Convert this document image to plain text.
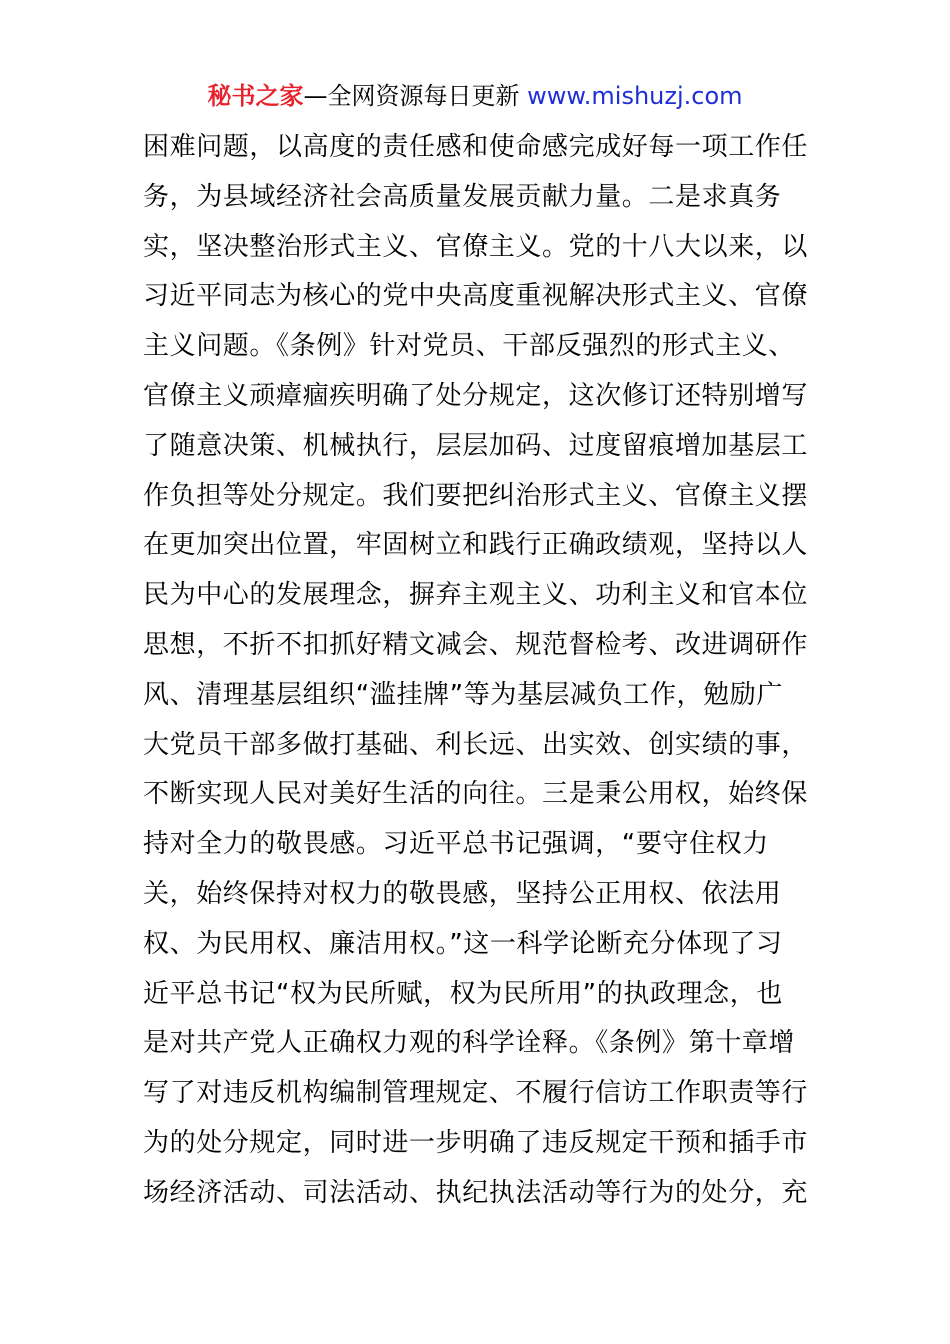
秘书之家—全网资源每日更新 www.mishuzj.com
困难问题，以高度的责任感和使命感完成好每一项工作任
务，为县域经济社会高质量发展贡献力量。二是求真务
实，坚决整治形式主义、官僚主义。党的十八大以来，以
习近平同志为核心的党中央高度重视解决形式主义、官僚
主义问题。《条例》针对党员、干部反强烈的形式主义、
官僚主义顽瘴痼疾明确了处分规定，这次修订还特别增写
了随意决策、机械执行，层层加码、过度留痕增加基层工
作负担等处分规定。我们要把纠治形式主义、官僚主义摆
在更加突出位置，牢固树立和践行正确政绩观，坚持以人
民为中心的发展理念，摒弃主观主义、功利主义和官本位
思想，不折不扣抓好精文减会、规范督检考、改进调研作
风、清理基层组织“滥挂牌”等为基层减负工作，勉励广
大党员干部多做打基础、利长远、出实效、创实绩的事，
不断实现人民对美好生活的向往。三是秉公用权，始终保
持对全力的敬畏感。习近平总书记强调，“要守住权力
关，始终保持对权力的敬畏感，坚持公正用权、依法用
权、为民用权、廉洁用权。”这一科学论断充分体现了习
近平总书记“权为民所赋，权为民所用”的执政理念，也
是对共产党人正确权力观的科学诠释。《条例》第十章增
写了对违反机构编制管理规定、不履行信访工作职责等行
为的处分规定，同时进一步明确了违反规定干预和插手市
场经济活动、司法活动、执纪执法活动等行为的处分，充
